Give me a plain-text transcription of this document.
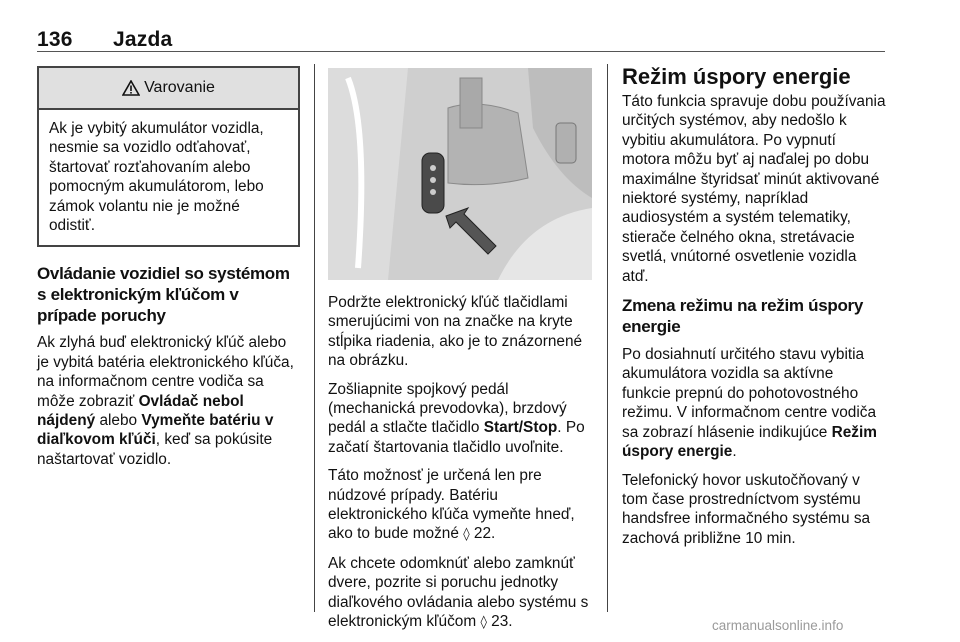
136 Jazda
Varovanie
Ak je vybitý akumulátor vozidla, nesmie sa vozidlo odťahovať, štartovať rozťahovaním alebo pomocným akumulátorom, lebo zámok volantu nie je možné odistiť.
Ovládanie vozidiel so systémom s elektronickým kľúčom v prípade poruchy

Ak zlyhá buď elektronický kľúč alebo je vybitá batéria elektronického kľúča, na informačnom centre vodiča sa môže zobraziť Ovládač nebol nájdený alebo Vymeňte batériu v diaľkovom kľúči, keď sa pokúsite naštartovať vozidlo.

Podržte elektronický kľúč tlačidlami smerujúcimi von na značke na kryte stĺpika riadenia, ako je to znázornené na obrázku.

Zošliapnite spojkový pedál (mechanická prevodovka), brzdový pedál a stlačte tlačidlo Start/Stop. Po začatí štartovania tlačidlo uvoľnite.

Táto možnosť je určená len pre núdzové prípady. Batériu elektronického kľúča vymeňte hneď, ako to bude možné ◊ 22.

Ak chcete odomknúť alebo zamknúť dvere, pozrite si poruchu jednotky diaľkového ovládania alebo systému s elektronickým kľúčom ◊ 23.

Režim úspory energie

Táto funkcia spravuje dobu používania určitých systémov, aby nedošlo k vybitiu akumulátora. Po vypnutí motora môžu byť aj naďalej po dobu maximálne štyridsať minút aktivované niektoré systémy, napríklad audiosystém a systém telematiky, stierače čelného okna, stretávacie svetlá, vnútorné osvetlenie vozidla atď.

Zmena režimu na režim úspory energie

Po dosiahnutí určitého stavu vybitia akumulátora vozidla sa aktívne funkcie prepnú do pohotovostného režimu. V informačnom centre vodiča sa zobrazí hlásenie indikujúce Režim úspory energie.

Telefonický hovor uskutočňovaný v tom čase prostredníctvom systému handsfree informačného systému sa zachová približne 10 min.

carmanualsonline.info
